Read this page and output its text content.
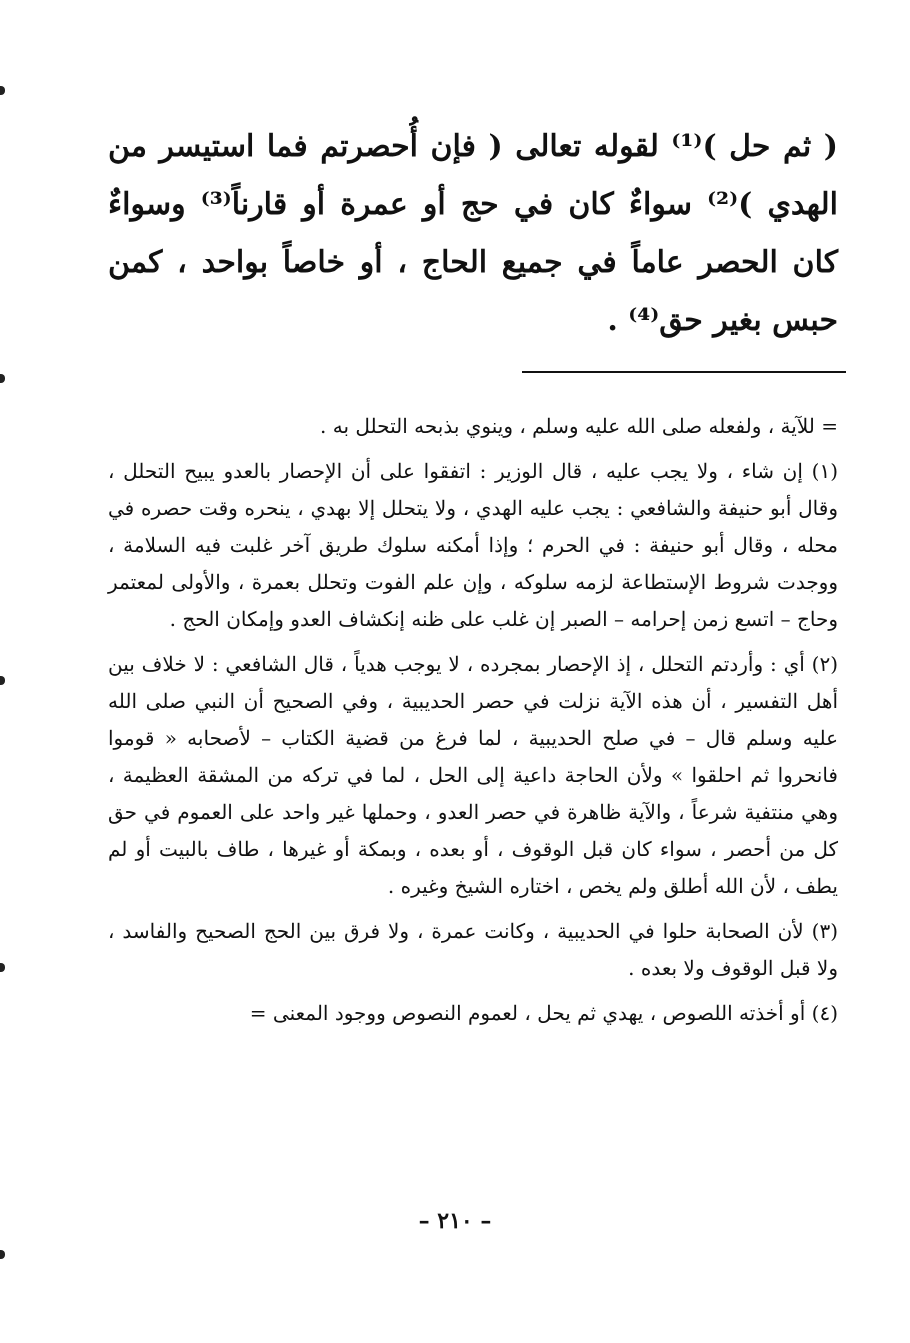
( ثم حل )⁽¹⁾ لقوله تعالى ( فإن أُحصرتم فما استيسر من الهدي )⁽²⁾ سواءٌ كان في حج أو عمرة أو قارناً⁽³⁾ وسواءٌ كان الحصر عاماً في جميع الحاج ، أو خاصاً بواحد ، كمن حبس بغير حق⁽⁴⁾ .

= للآية ، ولفعله صلى الله عليه وسلم ، وينوي بذبحه التحلل به .

(١) إن شاء ، ولا يجب عليه ، قال الوزير : اتفقوا على أن الإحصار بالعدو يبيح التحلل ، وقال أبو حنيفة والشافعي : يجب عليه الهدي ، ولا يتحلل إلا بهدي ، ينحره وقت حصره في محله ، وقال أبو حنيفة : في الحرم ؛ وإذا أمكنه سلوك طريق آخر غلبت فيه السلامة ، ووجدت شروط الإستطاعة لزمه سلوكه ، وإن علم الفوت وتحلل بعمرة ، والأولى لمعتمر وحاج – اتسع زمن إحرامه – الصبر إن غلب على ظنه إنكشاف العدو وإمكان الحج .

(٢) أي : وأردتم التحلل ، إذ الإحصار بمجرده ، لا يوجب هدياً ، قال الشافعي : لا خلاف بين أهل التفسير ، أن هذه الآية نزلت في حصر الحديبية ، وفي الصحيح أن النبي صلى الله عليه وسلم قال – في صلح الحديبية ، لما فرغ من قضية الكتاب – لأصحابه « قوموا فانحروا ثم احلقوا » ولأن الحاجة داعية إلى الحل ، لما في تركه من المشقة العظيمة ، وهي منتفية شرعاً ، والآية ظاهرة في حصر العدو ، وحملها غير واحد على العموم في حق كل من أحصر ، سواء كان قبل الوقوف ، أو بعده ، وبمكة أو غيرها ، طاف بالبيت أو لم يطف ، لأن الله أطلق ولم يخص ، اختاره الشيخ وغيره .

(٣) لأن الصحابة حلوا في الحديبية ، وكانت عمرة ، ولا فرق بين الحج الصحيح والفاسد ، ولا قبل الوقوف ولا بعده .

(٤) أو أخذته اللصوص ، يهدي ثم يحل ، لعموم النصوص ووجود المعنى =

– ٢١٠ –
